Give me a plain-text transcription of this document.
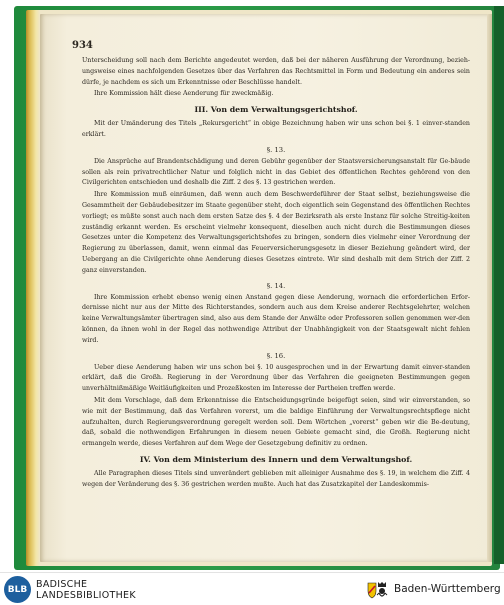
934

Unterscheidung soll nach dem Berichte angedeutet werden, daß bei der näheren Ausführung der Verordnung, bezieh-ungsweise eines nachfolgenden Gesetzes über das Verfahren das Rechtsmittel in Form und Bedeutung ein anderes sein dürfe, je nachdem es sich um Erkenntnisse oder Beschlüsse handelt.

Ihre Kommission hält diese Aenderung für zweckmäßig.

III. Von dem Verwaltungsgerichtshof.

Mit der Umänderung des Titels „Rekursgericht“ in obige Bezeichnung haben wir uns schon bei §. 1 einver-standen erklärt.

§. 13.

Die Ansprüche auf Brandentschädigung und deren Gebühr gegenüber der Staatsversicherungsanstalt für Ge-bäude sollen als rein privatrechtlicher Natur und folglich nicht in das Gebiet des öffentlichen Rechtes gehörend von den Civilgerichten entschieden und deshalb die Ziff. 2 des §. 13 gestrichen werden.

Ihre Kommission muß einräumen, daß wenn auch dem Beschwerdeführer der Staat selbst, beziehungsweise die Gesammtheit der Gebäudebesitzer im Staate gegenüber steht, doch eigentlich sein Gegenstand des öffentlichen Rechtes vorliegt; es müßte sonst auch nach dem ersten Satze des §. 4 der Bezirksrath als erste Instanz für solche Streitig-keiten zuständig erkannt werden. Es erscheint vielmehr konsequent, dieselben auch nicht durch die Bestimmungen dieses Gesetzes unter die Kompetenz des Verwaltungsgerichtshofes zu bringen, sondern dies vielmehr einer Verordnung der Regierung zu überlassen, damit, wenn einmal das Feuerversicherungsgesetz in dieser Beziehung geändert wird, der Uebergang an die Civilgerichte ohne Aenderung dieses Gesetzes eintrete. Wir sind deshalb mit dem Strich der Ziff. 2 ganz einverstanden.

§. 14.

Ihre Kommission erhebt ebenso wenig einen Anstand gegen diese Aenderung, wornach die erforderlichen Erfor-dernisse nicht nur aus der Mitte des Richterstandes, sondern auch aus dem Kreise anderer Rechtsgelehrter, welchen keine Verwaltungsämter übertragen sind, also aus dem Stande der Anwälte oder Professoren sollen genommen wer-den können, da ihnen wohl in der Regel das nothwendige Attribut der Unabhängigkeit von der Staatsgewalt nicht fehlen wird.

§. 16.

Ueber diese Aenderung haben wir uns schon bei §. 10 ausgesprochen und in der Erwartung damit einver-standen erklärt, daß die Großh. Regierung in der Verordnung über das Verfahren die geeigneten Bestimmungen gegen unverhältnißmäßige Weitläufigkeiten und Prozeßkosten im Interesse der Partheien treffen werde.

Mit dem Vorschlage, daß dem Erkenntnisse die Entscheidungsgründe beigefügt seien, sind wir einverstanden, so wie mit der Bestimmung, daß das Verfahren vorerst, um die baldige Einführung der Verwaltungsrechtspflege nicht aufzuhalten, durch Regierungsverordnung geregelt werden soll. Dem Wörtchen „vorerst“ geben wir die Be-deutung, daß, sobald die nothwendigen Erfahrungen in diesem neuen Gebiete gemacht sind, die Großh. Regierung nicht ermangeln werde, dieses Verfahren auf dem Wege der Gesetzgebung definitiv zu ordnen.

IV. Von dem Ministerium des Innern und dem Verwaltungshof.

Alle Paragraphen dieses Titels sind unverändert geblieben mit alleiniger Ausnahme des §. 19, in welchem die Ziff. 4 wegen der Veränderung des §. 36 gestrichen werden mußte. Auch hat das Zusatzkapitel der Landeskommis-

BLB BADISCHE
LANDESBIBLIOTHEK
Baden-Württemberg
